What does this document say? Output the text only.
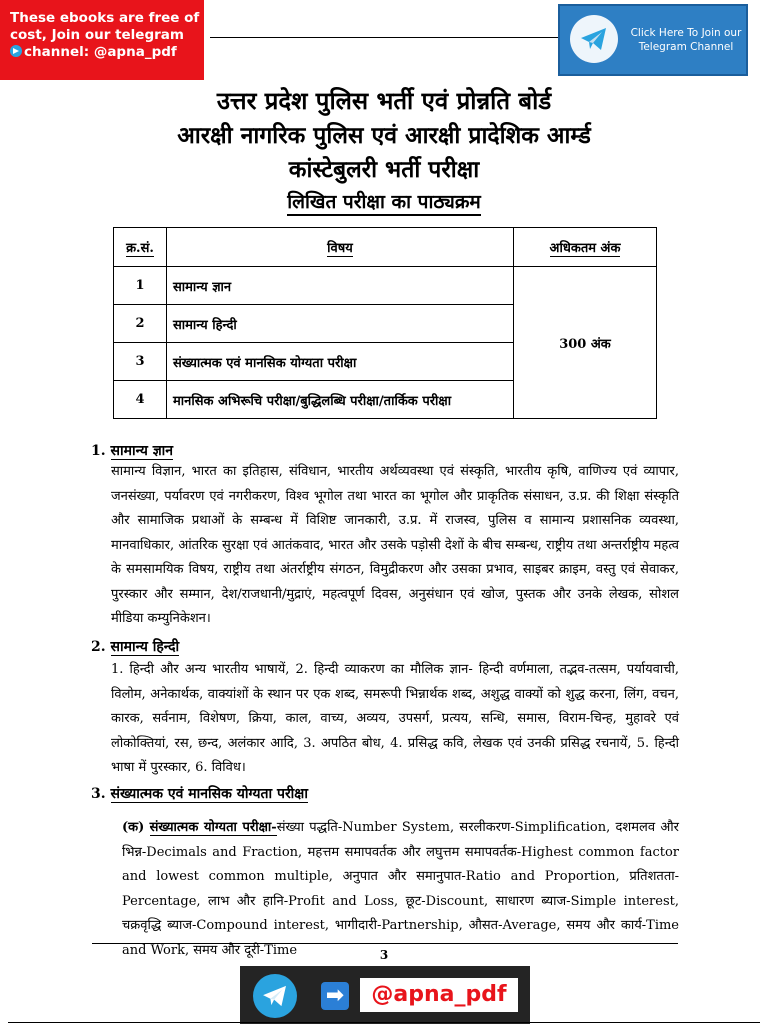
These ebooks are free of
cost, Join our telegram
channel: @apna_pdf
Click Here To Join our
Telegram Channel
उत्तर प्रदेश पुलिस भर्ती एवं प्रोन्नति बोर्ड
आरक्षी नागरिक पुलिस एवं आरक्षी प्रादेशिक आर्म्ड
कांस्टेबुलरी भर्ती परीक्षा
लिखित परीक्षा का पाठ्यक्रम
क्र.सं.	विषय	अधिकतम अंक
1	सामान्य ज्ञान	300 अंक
2	सामान्य हिन्दी	
3	संख्यात्मक एवं मानसिक योग्यता परीक्षा	
4	मानसिक अभिरूचि परीक्षा/बुद्धिलब्धि परीक्षा/तार्किक परीक्षा	
1. सामान्य ज्ञान
सामान्य विज्ञान, भारत का इतिहास, संविधान, भारतीय अर्थव्यवस्था एवं संस्कृति, भारतीय कृषि, वाणिज्य एवं व्यापार, जनसंख्या, पर्यावरण एवं नगरीकरण, विश्व भूगोल तथा भारत का भूगोल और प्राकृतिक संसाधन, उ.प्र. की शिक्षा संस्कृति और सामाजिक प्रथाओं के सम्बन्ध में विशिष्ट जानकारी, उ.प्र. में राजस्व, पुलिस व सामान्य प्रशासनिक व्यवस्था, मानवाधिकार, आंतरिक सुरक्षा एवं आतंकवाद, भारत और उसके पड़ोसी देशों के बीच सम्बन्ध, राष्ट्रीय तथा अन्तर्राष्ट्रीय महत्व के समसामयिक विषय, राष्ट्रीय तथा अंतर्राष्ट्रीय संगठन, विमुद्रीकरण और उसका प्रभाव, साइबर क्राइम, वस्तु एवं सेवाकर, पुरस्कार और सम्मान, देश/राजधानी/मुद्राएं, महत्वपूर्ण दिवस, अनुसंधान एवं खोज, पुस्तक और उनके लेखक, सोशल मीडिया कम्युनिकेशन।
2. सामान्य हिन्दी
1. हिन्दी और अन्य भारतीय भाषायें, 2. हिन्दी व्याकरण का मौलिक ज्ञान- हिन्दी वर्णमाला, तद्भव-तत्सम, पर्यायवाची, विलोम, अनेकार्थक, वाक्यांशों के स्थान पर एक शब्द, समरूपी भिन्नार्थक शब्द, अशुद्ध वाक्यों को शुद्ध करना, लिंग, वचन, कारक, सर्वनाम, विशेषण, क्रिया, काल, वाच्य, अव्यय, उपसर्ग, प्रत्यय, सन्धि, समास, विराम-चिन्ह, मुहावरे एवं लोकोक्तियां, रस, छन्द, अलंकार आदि, 3. अपठित बोध, 4. प्रसिद्ध कवि, लेखक एवं उनकी प्रसिद्ध रचनायें, 5. हिन्दी भाषा में पुरस्कार, 6. विविध।
3. संख्यात्मक एवं मानसिक योग्यता परीक्षा
(क) संख्यात्मक योग्यता परीक्षा-संख्या पद्धति-Number System, सरलीकरण-Simplification, दशमलव और भिन्न-Decimals and Fraction, महत्तम समापवर्तक और लघुत्तम समापवर्तक-Highest common factor and lowest common multiple, अनुपात और समानुपात-Ratio and Proportion, प्रतिशतता-Percentage, लाभ और हानि-Profit and Loss, छूट-Discount, साधारण ब्याज-Simple interest, चक्रवृद्धि ब्याज-Compound interest, भागीदारी-Partnership, औसत-Average, समय और कार्य-Time and Work, समय और दूरी-Time	3
➡	@apna_pdf
